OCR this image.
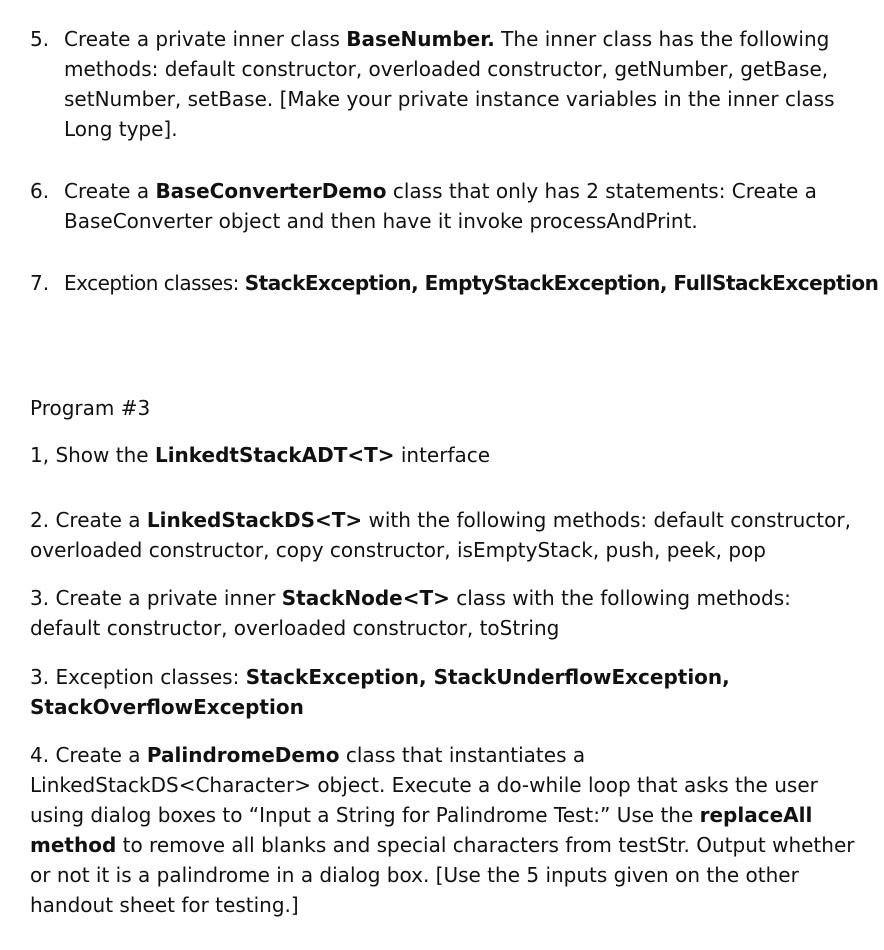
5. Create a private inner class BaseNumber. The inner class has the following methods: default constructor, overloaded constructor, getNumber, getBase, setNumber, setBase. [Make your private instance variables in the inner class Long type].
6. Create a BaseConverterDemo class that only has 2 statements: Create a BaseConverter object and then have it invoke processAndPrint.
7. Exception classes: StackException, EmptyStackException, FullStackException
Program #3
1, Show the LinkedtStackADT<T> interface
2. Create a LinkedStackDS<T> with the following methods: default constructor, overloaded constructor, copy constructor, isEmptyStack, push, peek, pop
3. Create a private inner StackNode<T> class with the following methods: default constructor, overloaded constructor, toString
3. Exception classes: StackException, StackUnderflowException, StackOverflowException
4. Create a PalindromeDemo class that instantiates a LinkedStackDS<Character> object. Execute a do-while loop that asks the user using dialog boxes to “Input a String for Palindrome Test:” Use the replaceAll method to remove all blanks and special characters from testStr. Output whether or not it is a palindrome in a dialog box. [Use the 5 inputs given on the other handout sheet for testing.]
